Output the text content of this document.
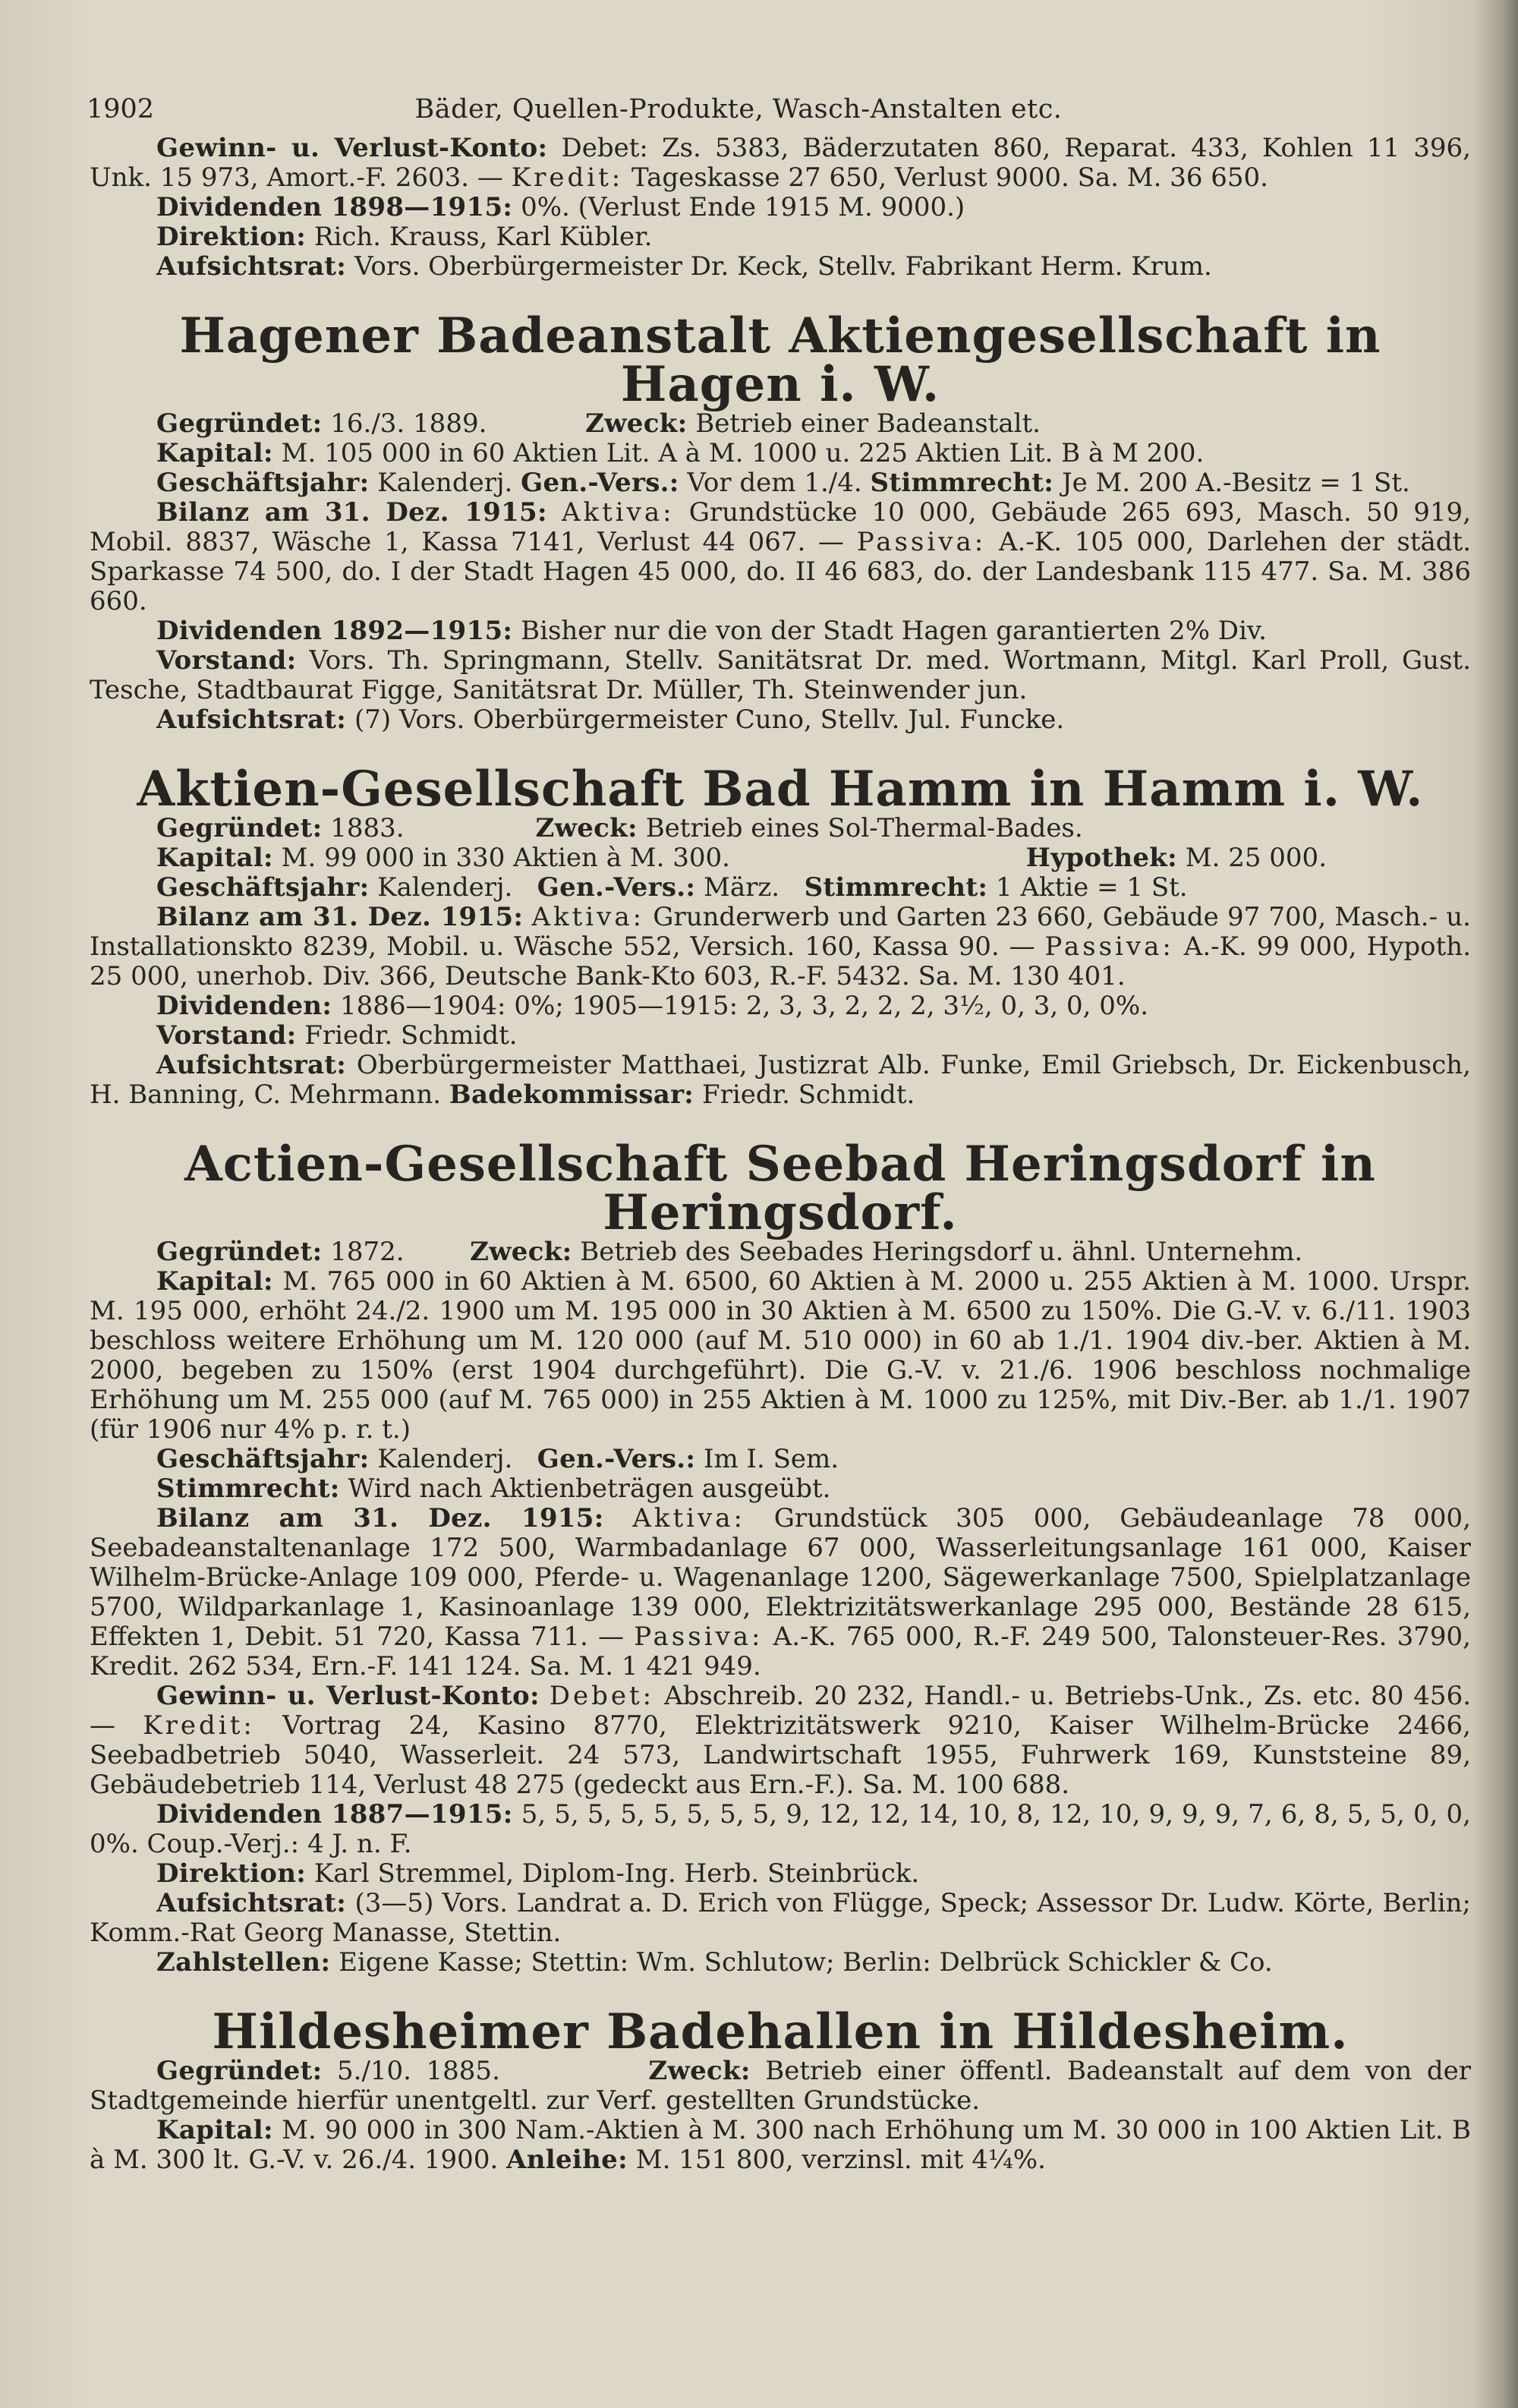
1902	Bäder, Quellen-Produkte, Wasch-Anstalten etc.

Gewinn- u. Verlust-Konto: Debet: Zs. 5383, Bäderzutaten 860, Reparat. 433, Kohlen 11 396, Unk. 15 973, Amort.-F. 2603. — Kredit: Tageskasse 27 650, Verlust 9000. Sa. M. 36 650.

Dividenden 1898—1915: 0%. (Verlust Ende 1915 M. 9000.)

Direktion: Rich. Krauss, Karl Kübler.

Aufsichtsrat: Vors. Oberbürgermeister Dr. Keck, Stellv. Fabrikant Herm. Krum.

Hagener Badeanstalt Aktiengesellschaft in Hagen i. W.

Gegründet: 16./3. 1889.	Zweck: Betrieb einer Badeanstalt.

Kapital: M. 105 000 in 60 Aktien Lit. A à M. 1000 u. 225 Aktien Lit. B à M 200.

Geschäftsjahr: Kalenderj. Gen.-Vers.: Vor dem 1./4. Stimmrecht: Je M. 200 A.-Besitz = 1 St.

Bilanz am 31. Dez. 1915: Aktiva: Grundstücke 10 000, Gebäude 265 693, Masch. 50 919, Mobil. 8837, Wäsche 1, Kassa 7141, Verlust 44 067. — Passiva: A.-K. 105 000, Darlehen der städt. Sparkasse 74 500, do. I der Stadt Hagen 45 000, do. II 46 683, do. der Landesbank 115 477. Sa. M. 386 660.

Dividenden 1892—1915: Bisher nur die von der Stadt Hagen garantierten 2% Div.

Vorstand: Vors. Th. Springmann, Stellv. Sanitätsrat Dr. med. Wortmann, Mitgl. Karl Proll, Gust. Tesche, Stadtbaurat Figge, Sanitätsrat Dr. Müller, Th. Steinwender jun.

Aufsichtsrat: (7) Vors. Oberbürgermeister Cuno, Stellv. Jul. Funcke.

Aktien-Gesellschaft Bad Hamm in Hamm i. W.

Gegründet: 1883.	Zweck: Betrieb eines Sol-Thermal-Bades.

Kapital: M. 99 000 in 330 Aktien à M. 300.	Hypothek: M. 25 000.

Geschäftsjahr: Kalenderj.   Gen.-Vers.: März.   Stimmrecht: 1 Aktie = 1 St.

Bilanz am 31. Dez. 1915: Aktiva: Grunderwerb und Garten 23 660, Gebäude 97 700, Masch.- u. Installationskto 8239, Mobil. u. Wäsche 552, Versich. 160, Kassa 90. — Passiva: A.-K. 99 000, Hypoth. 25 000, unerhob. Div. 366, Deutsche Bank-Kto 603, R.-F. 5432. Sa. M. 130 401.

Dividenden: 1886—1904: 0%; 1905—1915: 2, 3, 3, 2, 2, 2, 3½, 0, 3, 0, 0%.

Vorstand: Friedr. Schmidt.

Aufsichtsrat: Oberbürgermeister Matthaei, Justizrat Alb. Funke, Emil Griebsch, Dr. Eickenbusch, H. Banning, C. Mehrmann. Badekommissar: Friedr. Schmidt.

Actien-Gesellschaft Seebad Heringsdorf in Heringsdorf.

Gegründet: 1872.	Zweck: Betrieb des Seebades Heringsdorf u. ähnl. Unternehm.

Kapital: M. 765 000 in 60 Aktien à M. 6500, 60 Aktien à M. 2000 u. 255 Aktien à M. 1000. Urspr. M. 195 000, erhöht 24./2. 1900 um M. 195 000 in 30 Aktien à M. 6500 zu 150%. Die G.-V. v. 6./11. 1903 beschloss weitere Erhöhung um M. 120 000 (auf M. 510 000) in 60 ab 1./1. 1904 div.-ber. Aktien à M. 2000, begeben zu 150% (erst 1904 durchgeführt). Die G.-V. v. 21./6. 1906 beschloss nochmalige Erhöhung um M. 255 000 (auf M. 765 000) in 255 Aktien à M. 1000 zu 125%, mit Div.-Ber. ab 1./1. 1907 (für 1906 nur 4% p. r. t.)

Geschäftsjahr: Kalenderj.   Gen.-Vers.: Im I. Sem.

Stimmrecht: Wird nach Aktienbeträgen ausgeübt.

Bilanz am 31. Dez. 1915: Aktiva: Grundstück 305 000, Gebäudeanlage 78 000, Seebadeanstaltenanlage 172 500, Warmbadanlage 67 000, Wasserleitungsanlage 161 000, Kaiser Wilhelm-Brücke-Anlage 109 000, Pferde- u. Wagenanlage 1200, Sägewerkanlage 7500, Spielplatzanlage 5700, Wildparkanlage 1, Kasinoanlage 139 000, Elektrizitätswerkanlage 295 000, Bestände 28 615, Effekten 1, Debit. 51 720, Kassa 711. — Passiva: A.-K. 765 000, R.-F. 249 500, Talonsteuer-Res. 3790, Kredit. 262 534, Ern.-F. 141 124. Sa. M. 1 421 949.

Gewinn- u. Verlust-Konto: Debet: Abschreib. 20 232, Handl.- u. Betriebs-Unk., Zs. etc. 80 456. — Kredit: Vortrag 24, Kasino 8770, Elektrizitätswerk 9210, Kaiser Wilhelm-Brücke 2466, Seebadbetrieb 5040, Wasserleit. 24 573, Landwirtschaft 1955, Fuhrwerk 169, Kunststeine 89, Gebäudebetrieb 114, Verlust 48 275 (gedeckt aus Ern.-F.). Sa. M. 100 688.

Dividenden 1887—1915: 5, 5, 5, 5, 5, 5, 5, 5, 9, 12, 12, 14, 10, 8, 12, 10, 9, 9, 9, 7, 6, 8, 5, 5, 0, 0, 0%. Coup.-Verj.: 4 J. n. F.

Direktion: Karl Stremmel, Diplom-Ing. Herb. Steinbrück.

Aufsichtsrat: (3—5) Vors. Landrat a. D. Erich von Flügge, Speck; Assessor Dr. Ludw. Körte, Berlin; Komm.-Rat Georg Manasse, Stettin.

Zahlstellen: Eigene Kasse; Stettin: Wm. Schlutow; Berlin: Delbrück Schickler & Co.

Hildesheimer Badehallen in Hildesheim.

Gegründet: 5./10. 1885.	Zweck: Betrieb einer öffentl. Badeanstalt auf dem von der Stadtgemeinde hierfür unentgeltl. zur Verf. gestellten Grundstücke.

Kapital: M. 90 000 in 300 Nam.-Aktien à M. 300 nach Erhöhung um M. 30 000 in 100 Aktien Lit. B à M. 300 lt. G.-V. v. 26./4. 1900. Anleihe: M. 151 800, verzinsl. mit 4¼%.
